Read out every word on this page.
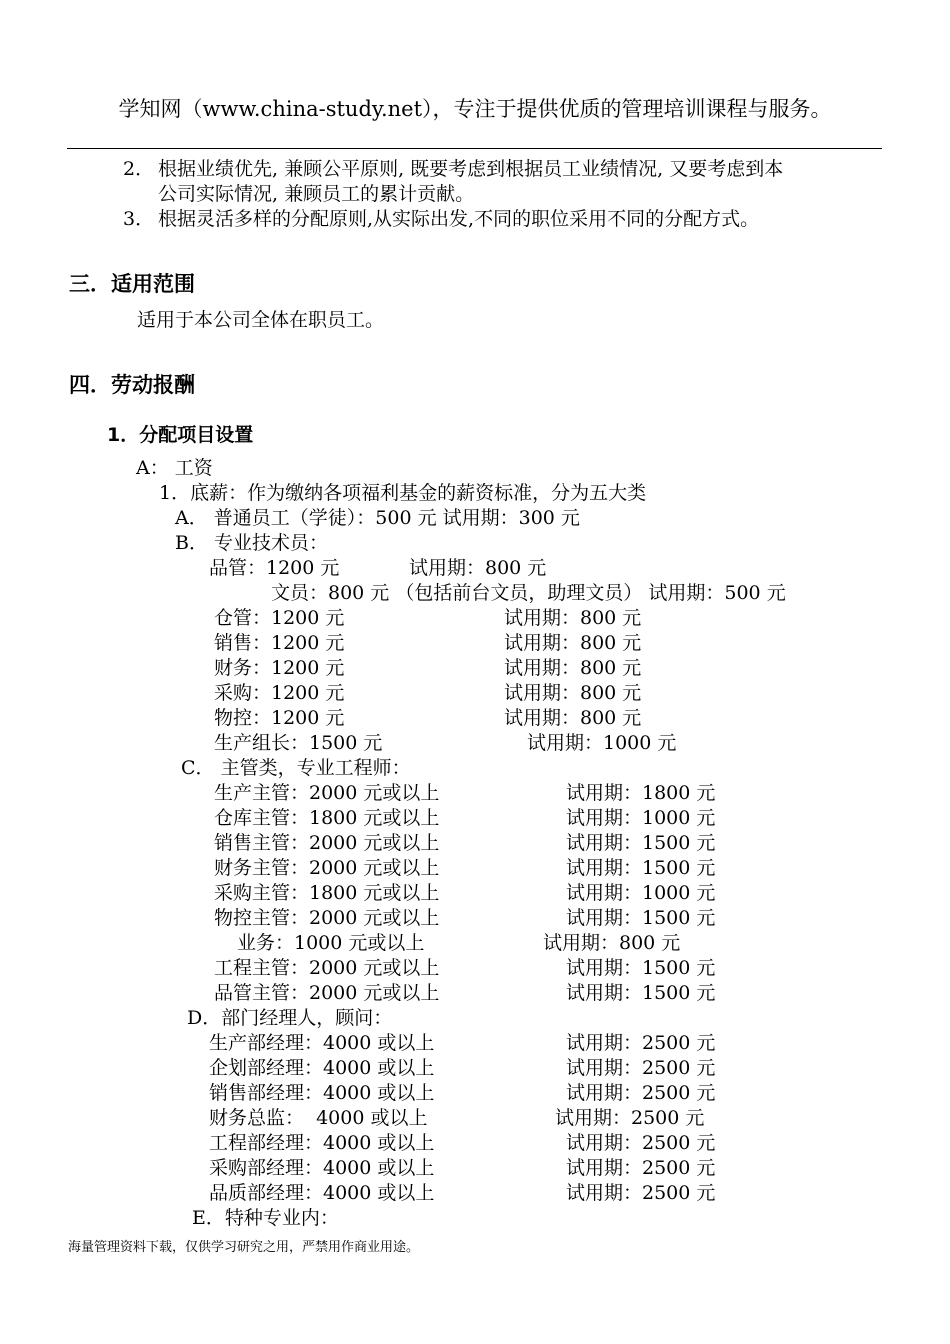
学知网（www.china-study.net），专注于提供优质的管理培训课程与服务。
2． 根据业绩优先, 兼顾公平原则, 既要考虑到根据员工业绩情况, 又要考虑到本
公司实际情况, 兼顾员工的累计贡献。
3． 根据灵活多样的分配原则,从实际出发,不同的职位采用不同的分配方式。
三．适用范围
适用于本公司全体在职员工。
四．劳动报酬
1．分配项目设置
A： 工资
1．底薪：作为缴纳各项福利基金的薪资标准，分为五大类
A． 普通员工（学徒）：500 元 试用期：300 元
B． 专业技术员：
品管：1200 元	试用期：800 元
文员：800 元 （包括前台文员，助理文员） 试用期：500 元
仓管：1200 元	试用期：800 元
销售：1200 元	试用期：800 元
财务：1200 元	试用期：800 元
采购：1200 元	试用期：800 元
物控：1200 元	试用期：800 元
生产组长：1500 元	试用期：1000 元
C． 主管类，专业工程师：
生产主管：2000 元或以上	试用期：1800 元
仓库主管：1800 元或以上	试用期：1000 元
销售主管：2000 元或以上	试用期：1500 元
财务主管：2000 元或以上	试用期：1500 元
采购主管：1800 元或以上	试用期：1000 元
物控主管：2000 元或以上	试用期：1500 元
业务：1000 元或以上	试用期：800 元
工程主管：2000 元或以上	试用期：1500 元
品管主管：2000 元或以上	试用期：1500 元
D．部门经理人，顾问：
生产部经理：4000 或以上	试用期：2500 元
企划部经理：4000 或以上	试用期：2500 元
销售部经理：4000 或以上	试用期：2500 元
财务总监：  4000 或以上	试用期：2500 元
工程部经理：4000 或以上	试用期：2500 元
采购部经理：4000 或以上	试用期：2500 元
品质部经理：4000 或以上	试用期：2500 元
E．特种专业内：
海量管理资料下载，仅供学习研究之用，严禁用作商业用途。
